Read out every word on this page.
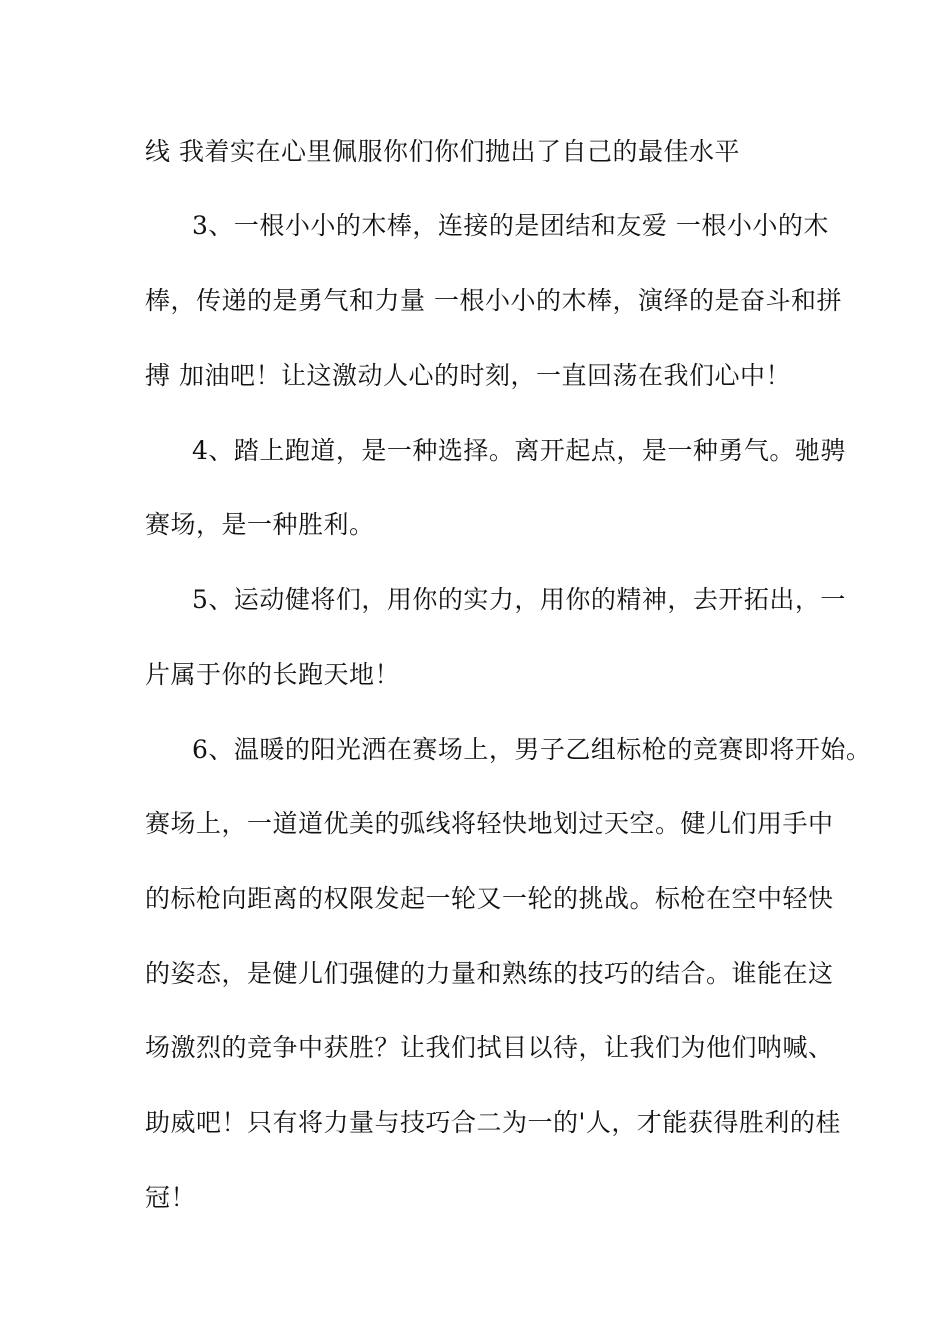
线 我着实在心里佩服你们你们抛出了自己的最佳水平
3、一根小小的木棒，连接的是团结和友爱 一根小小的木
棒，传递的是勇气和力量 一根小小的木棒，演绎的是奋斗和拼
搏 加油吧！让这激动人心的时刻，一直回荡在我们心中！
4、踏上跑道，是一种选择。离开起点，是一种勇气。驰骋
赛场，是一种胜利。
5、运动健将们，用你的实力，用你的精神，去开拓出，一
片属于你的长跑天地！
6、温暖的阳光洒在赛场上，男子乙组标枪的竞赛即将开始。
赛场上，一道道优美的弧线将轻快地划过天空。健儿们用手中
的标枪向距离的权限发起一轮又一轮的挑战。标枪在空中轻快
的姿态，是健儿们强健的力量和熟练的技巧的结合。谁能在这
场激烈的竞争中获胜？让我们拭目以待，让我们为他们呐喊、
助威吧！只有将力量与技巧合二为一的'人，才能获得胜利的桂
冠！
